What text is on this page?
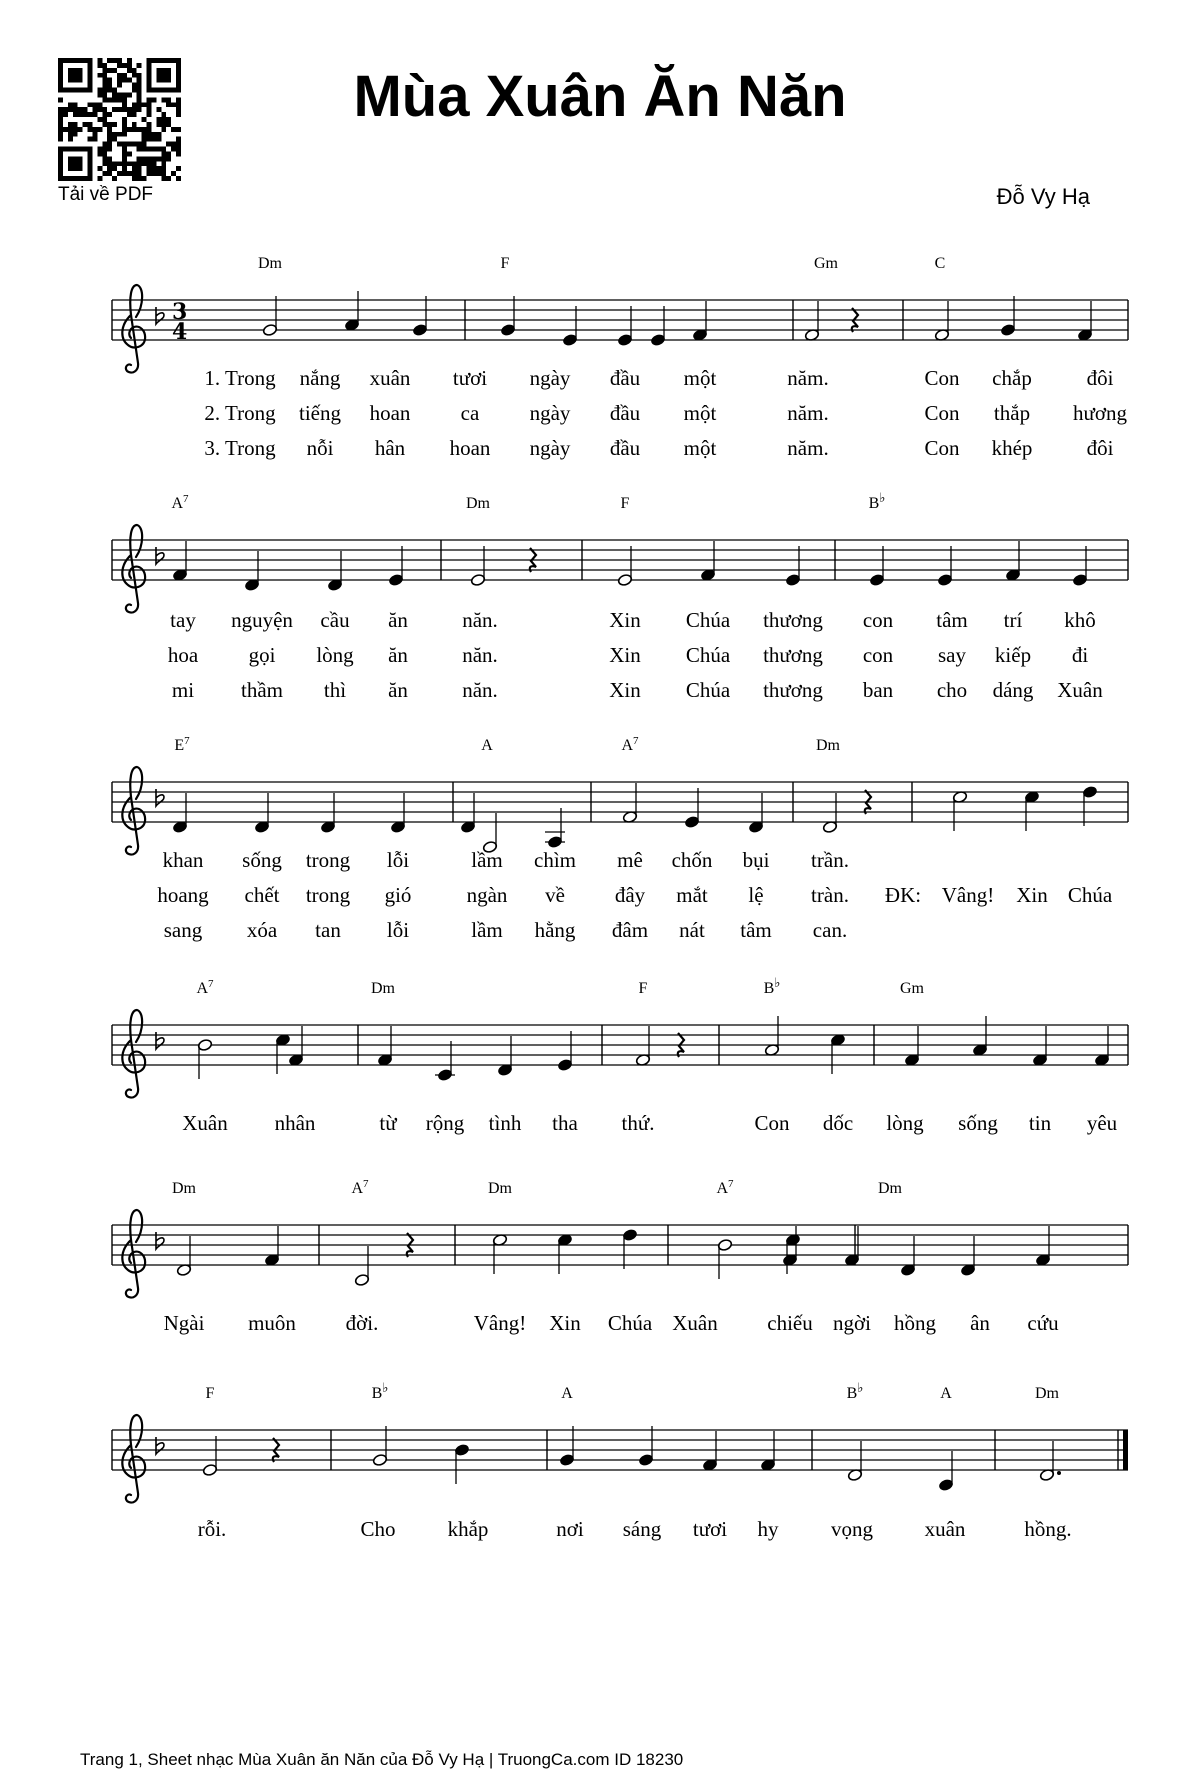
Tải về PDF
Mùa Xuân Ăn Năn
Đỗ Vy Hạ
3
4
Dm	F	Gm	C
1. Trong nắng xuân tươi ngày đầu một	năm.	Con chắp	đôi
2. Trong tiếng hoan ca ngày đầu một	năm.	Con thắp hương
3. Trong nỗi hân hoan ngày đầu một	năm.	Con khép	đôi
$A^7$	Dm	F	B♭
tay nguyện cầu ăn	năn.	Xin Chúa thương con tâm trí khô
hoa gọi lòng ăn	năn.	Xin Chúa thương con say kiếp đi
mi thầm thì ăn	năn.	Xin Chúa thương ban cho dáng Xuân
$E^7$	A	$A^7$	Dm
khan sống trong lỗi	lầm chìm mê chốn bụi trần.
hoang chết trong gió	ngàn về đây mắt lệ tràn. ĐK: Vâng! Xin Chúa
sang xóa tan lỗi	lầm hằng đâm nát tâm can.
$A^7$	Dm	F	B♭	Gm
Xuân nhân	từ rộng tình tha thứ.	Con dốc lòng sống tin yêu
Dm	$A^7$	Dm	$A^7$	Dm
Ngài muôn đời.	Vâng! Xin Chúa Xuân chiếu ngời hồng ân cứu
F	B♭	A	B♭	A	Dm
rỗi.	Cho khắp	nơi sáng tươi hy	vọng xuân	hồng.
Trang 1, Sheet nhạc Mùa Xuân ăn Năn của Đỗ Vy Hạ | TruongCa.com ID 18230
